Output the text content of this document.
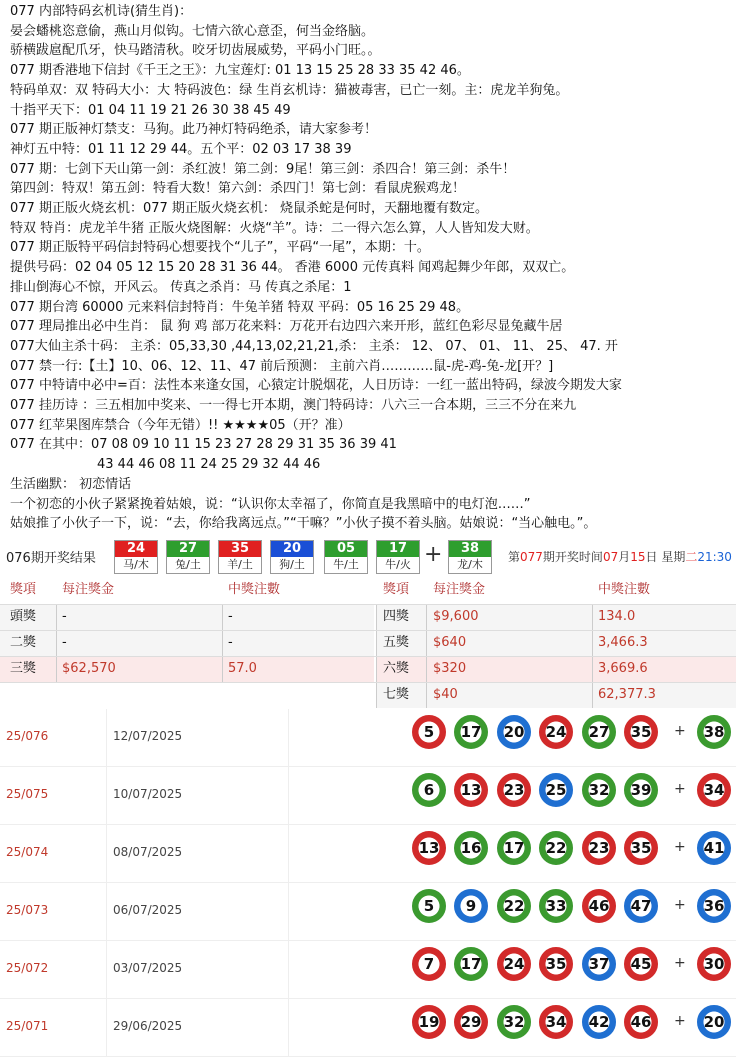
077 内部特码玄机诗(猜生肖)：
晏会蟠桃恣意偷，燕山月似钩。七情六欲心意歪，何当金络脑。
骄横跋扈配爪牙，快马踏清秋。咬牙切齿展威势，平码小门旺。。
077 期香港地下信封《千王之王》：九宝莲灯: 01 13 15 25 28 33 35 42 46。
特码单双：双 特码大小：大 特码波色：绿 生肖玄机诗：猫被毒害，已亡一刻。主：虎龙羊狗兔。
十指平天下：01 04 11 19 21 26 30 38 45 49
077 期正版神灯禁支：马狗。此乃神灯特码绝杀，请大家参考！
神灯五中特：01 11 12 29 44。五个平：02 03 17 38 39
077 期：七剑下天山第一剑：杀红波！第二剑：9尾！第三剑：杀四合！第三剑：杀牛！
第四剑：特双！第五剑：特看大数！第六剑：杀四门！第七剑：看鼠虎猴鸡龙！
077 期正版火烧玄机：077 期正版火烧玄机： 烧鼠杀蛇是何时，天翻地覆有数定。
特双 特肖：虎龙羊牛猪 正版火烧图解：火烧“羊”。诗：二一得六怎么算，人人皆知发大财。
077 期正版特平码信封特码心想要找个“儿子”，平码“一尾”，本期：十。
提供号码：02 04 05 12 15 20 28 31 36 44。 香港 6000 元传真料 闻鸡起舞少年郎，双双亡。
排山倒海心不惊，开风云。 传真之杀肖：马 传真之杀尾：1
077 期台湾 60000 元来料信封特肖：牛兔羊猪 特双 平码：05 16 25 29 48。
077 理局推出必中生肖： 鼠 狗 鸡 部万花来料：万花开右边四六来开形，蓝红色彩尽显兔藏牛居
077大仙主杀十码： 主杀：05,33,30 ,44,13,02,21,21,杀： 主杀： 12、 07、 01、 11、 25、 47. 开
077 禁一行:【土】10、06、12、11、47 前后预测： 主前六肖…………鼠-虎-鸡-兔-龙[开？]
077 中特请中必中=百：法性本来逢女国，心猿定计脱烟花，人日历诗：一红一蓝出特码，绿波今期发大家
077 挂历诗 ：三五相加中奖来、一一得七开本期，澳门特码诗：八六三一合本期，三三不分在来九
077 红苹果图库禁合（今年无错）!! ★★★★05（开？准）
077 在其中：07 08 09 10 11 15 23 27 28 29 31 35 36 39 41
43 44 46 08 11 24 25 29 32 44 46
生活幽默： 初恋情话
一个初恋的小伙子紧紧挽着姑娘，说：“认识你太幸福了，你简直是我黑暗中的电灯泡……”
姑娘推了小伙子一下，说：“去，你给我离远点。”“干嘛？”小伙子摸不着头脑。姑娘说：“当心触电。”。
076期开奖结果
24
马/木
27
兔/土
35
羊/土
20
狗/土
05
牛/土
17
牛/火
38
龙/木
+	第077期开奖时间07月15日 星期二21:30
獎項 每注獎金	中獎注數	獎項 每注獎金	中獎注數
頭獎 -	-	四獎 $9,600	134.0
二獎 -	-	五獎 $640	3,466.3
三獎 $62,570	57.0	六獎 $320	3,669.6
七獎 $40	62,377.3
25/076	12/07/2025	5	17	20	24	27	35	+	38
25/075	10/07/2025	6	13	23	25	32	39	+	34
25/074	08/07/2025	13	16	17	22	23	35	+	41
25/073	06/07/2025	5	9	22	33	46	47	+	36
25/072	03/07/2025	7	17	24	35	37	45	+	30
25/071	29/06/2025	19	29	32	34	42	46	+	20
